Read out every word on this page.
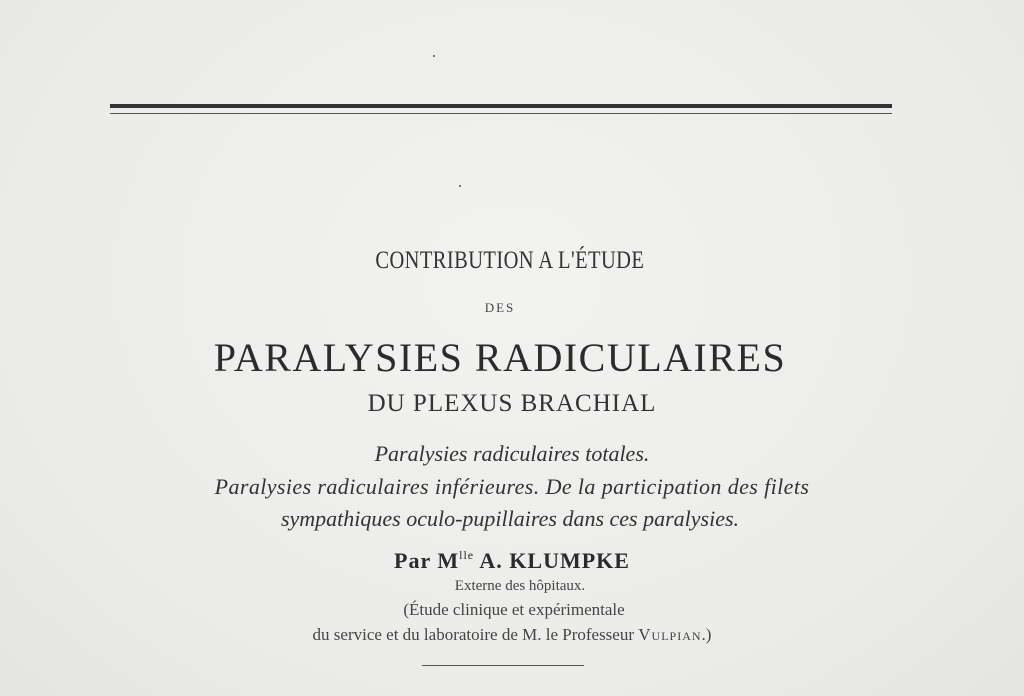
CONTRIBUTION A L'ÉTUDE
DES
PARALYSIES RADICULAIRES
DU PLEXUS BRACHIAL
Paralysies radiculaires totales.
Paralysies radiculaires inférieures. De la participation des filets
sympathiques oculo-pupillaires dans ces paralysies.
Par $M^{lle}$ A. KLUMPKE
Externe des hôpitaux.
(Étude clinique et expérimentale
du service et du laboratoire de M. le Professeur Vulpian.)
